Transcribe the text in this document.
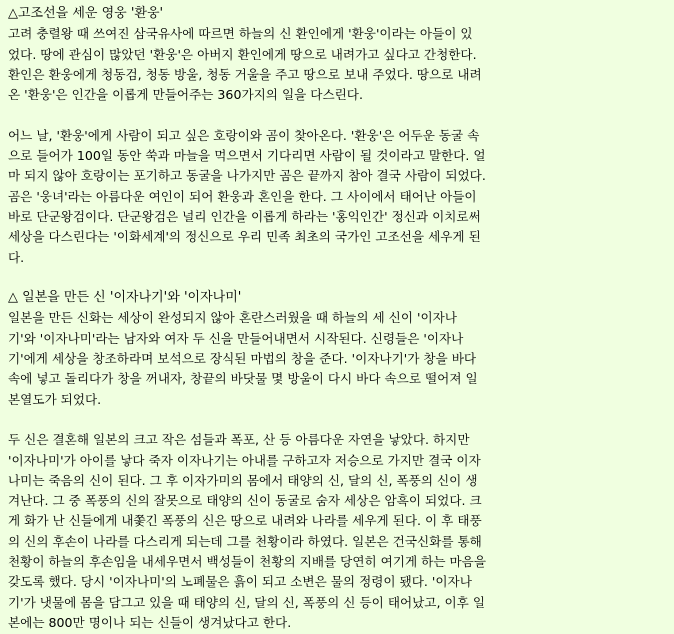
△고조선을 세운 영웅 '환웅'
고려 충렬왕 때 쓰여진 삼국유사에 따르면 하늘의 신 환인에게 '환웅'이라는 아들이 있
었다. 땅에 관심이 많았던 '환웅'은 아버지 환인에게 땅으로 내려가고 싶다고 간청한다.
환인은 환웅에게 청동검, 청동 방울, 청동 거울을 주고 땅으로 보내 주었다. 땅으로 내려
온 '환웅'은 인간을 이롭게 만들어주는 360가지의 일을 다스린다.
어느 날, '환웅'에게 사람이 되고 싶은 호랑이와 곰이 찾아온다. '환웅'은 어두운 동굴 속
으로 들어가 100일 동안 쑥과 마늘을 먹으면서 기다리면 사람이 될 것이라고 말한다. 얼
마 되지 않아 호랑이는 포기하고 동굴을 나가지만 곰은 끝까지 참아 결국 사람이 되었다.
곰은 '웅녀'라는 아름다운 여인이 되어 환웅과 혼인을 한다. 그 사이에서 태어난 아들이
바로 단군왕검이다. 단군왕검은 널리 인간을 이롭게 하라는 '홍익인간' 정신과 이치로써
세상을 다스린다는 '이화세계'의 정신으로 우리 민족 최초의 국가인 고조선을 세우게 된
다.
△ 일본을 만든 신 '이자나기'와 '이자나미'
일본을 만든 신화는 세상이 완성되지 않아 혼란스러웠을 때 하늘의 세 신이 '이자나
기'와 '이자나미'라는 남자와 여자 두 신을 만들어내면서 시작된다. 신령들은 '이자나
기'에게 세상을 창조하라며 보석으로 장식된 마법의 창을 준다. '이자나기'가 창을 바다
속에 넣고 돌리다가 창을 꺼내자, 창끝의 바닷물 몇 방울이 다시 바다 속으로 떨어져 일
본열도가 되었다.
두 신은 결혼해 일본의 크고 작은 섬들과 폭포, 산 등 아름다운 자연을 낳았다. 하지만
'이자나미'가 아이를 낳다 죽자 이자나기는 아내를 구하고자 저승으로 가지만 결국 이자
나미는 죽음의 신이 된다. 그 후 이자가미의 몸에서 태양의 신, 달의 신, 폭풍의 신이 생
겨난다. 그 중 폭풍의 신의 잘못으로 태양의 신이 동굴로 숨자 세상은 암흑이 되었다. 크
게 화가 난 신들에게 내쫓긴 폭풍의 신은 땅으로 내려와 나라를 세우게 된다. 이 후 태풍
의 신의 후손이 나라를 다스리게 되는데 그를 천황이라 하였다. 일본은 건국신화를 통해
천황이 하늘의 후손임을 내세우면서 백성들이 천황의 지배를 당연히 여기게 하는 마음을
갖도록 했다. 당시 '이자나미'의 노폐물은 흙이 되고 소변은 물의 정령이 됐다. '이자나
기'가 냇물에 몸을 담그고 있을 때 태양의 신, 달의 신, 폭풍의 신 등이 태어났고, 이후 일
본에는 800만 명이나 되는 신들이 생겨났다고 한다.
